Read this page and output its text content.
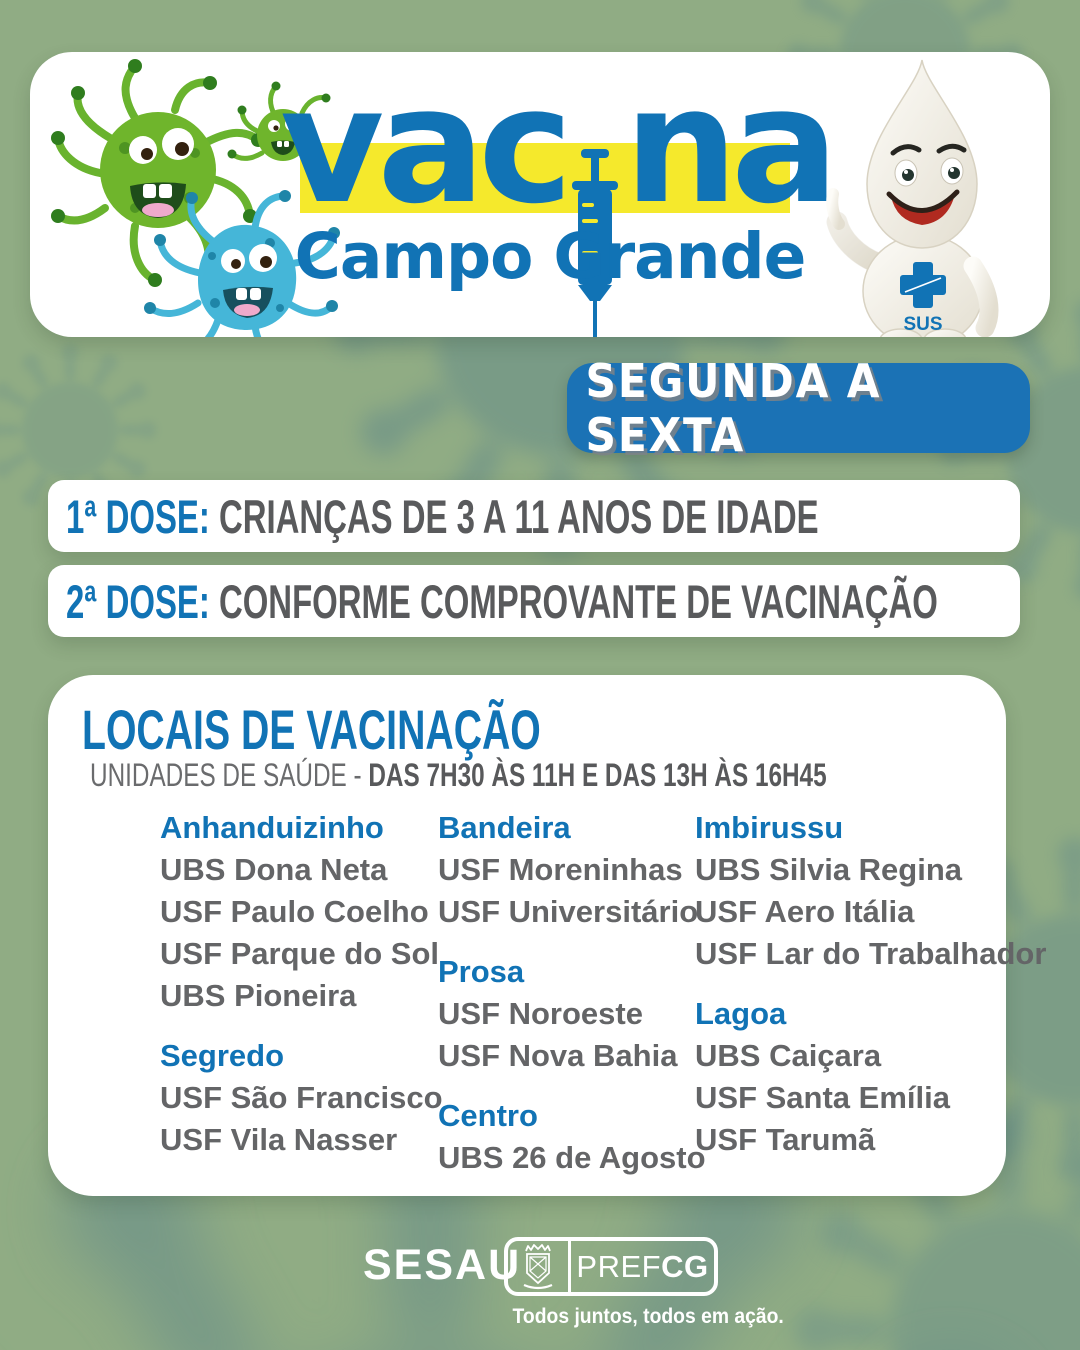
vac na
Campo Grande
SUS
SEGUNDA A SEXTA
1ª DOSE: CRIANÇAS DE 3 A 11 ANOS DE IDADE
2ª DOSE: CONFORME COMPROVANTE DE VACINAÇÃO
LOCAIS DE VACINAÇÃO
UNIDADES DE SAÚDE - DAS 7H30 ÀS 11H E DAS 13H ÀS 16H45
Anhanduizinho
UBS Dona Neta
USF Paulo Coelho
USF Parque do Sol
UBS Pioneira
Segredo
USF São Francisco
USF Vila Nasser
Bandeira
USF Moreninhas
USF Universitário
Prosa
USF Noroeste
USF Nova Bahia
Centro
UBS 26 de Agosto
Imbirussu
UBS Silvia Regina
USF Aero Itália
USF Lar do Trabalhador
Lagoa
UBS Caiçara
USF Santa Emília
USF Tarumã
SESAU PREFCG
Todos juntos, todos em ação.
